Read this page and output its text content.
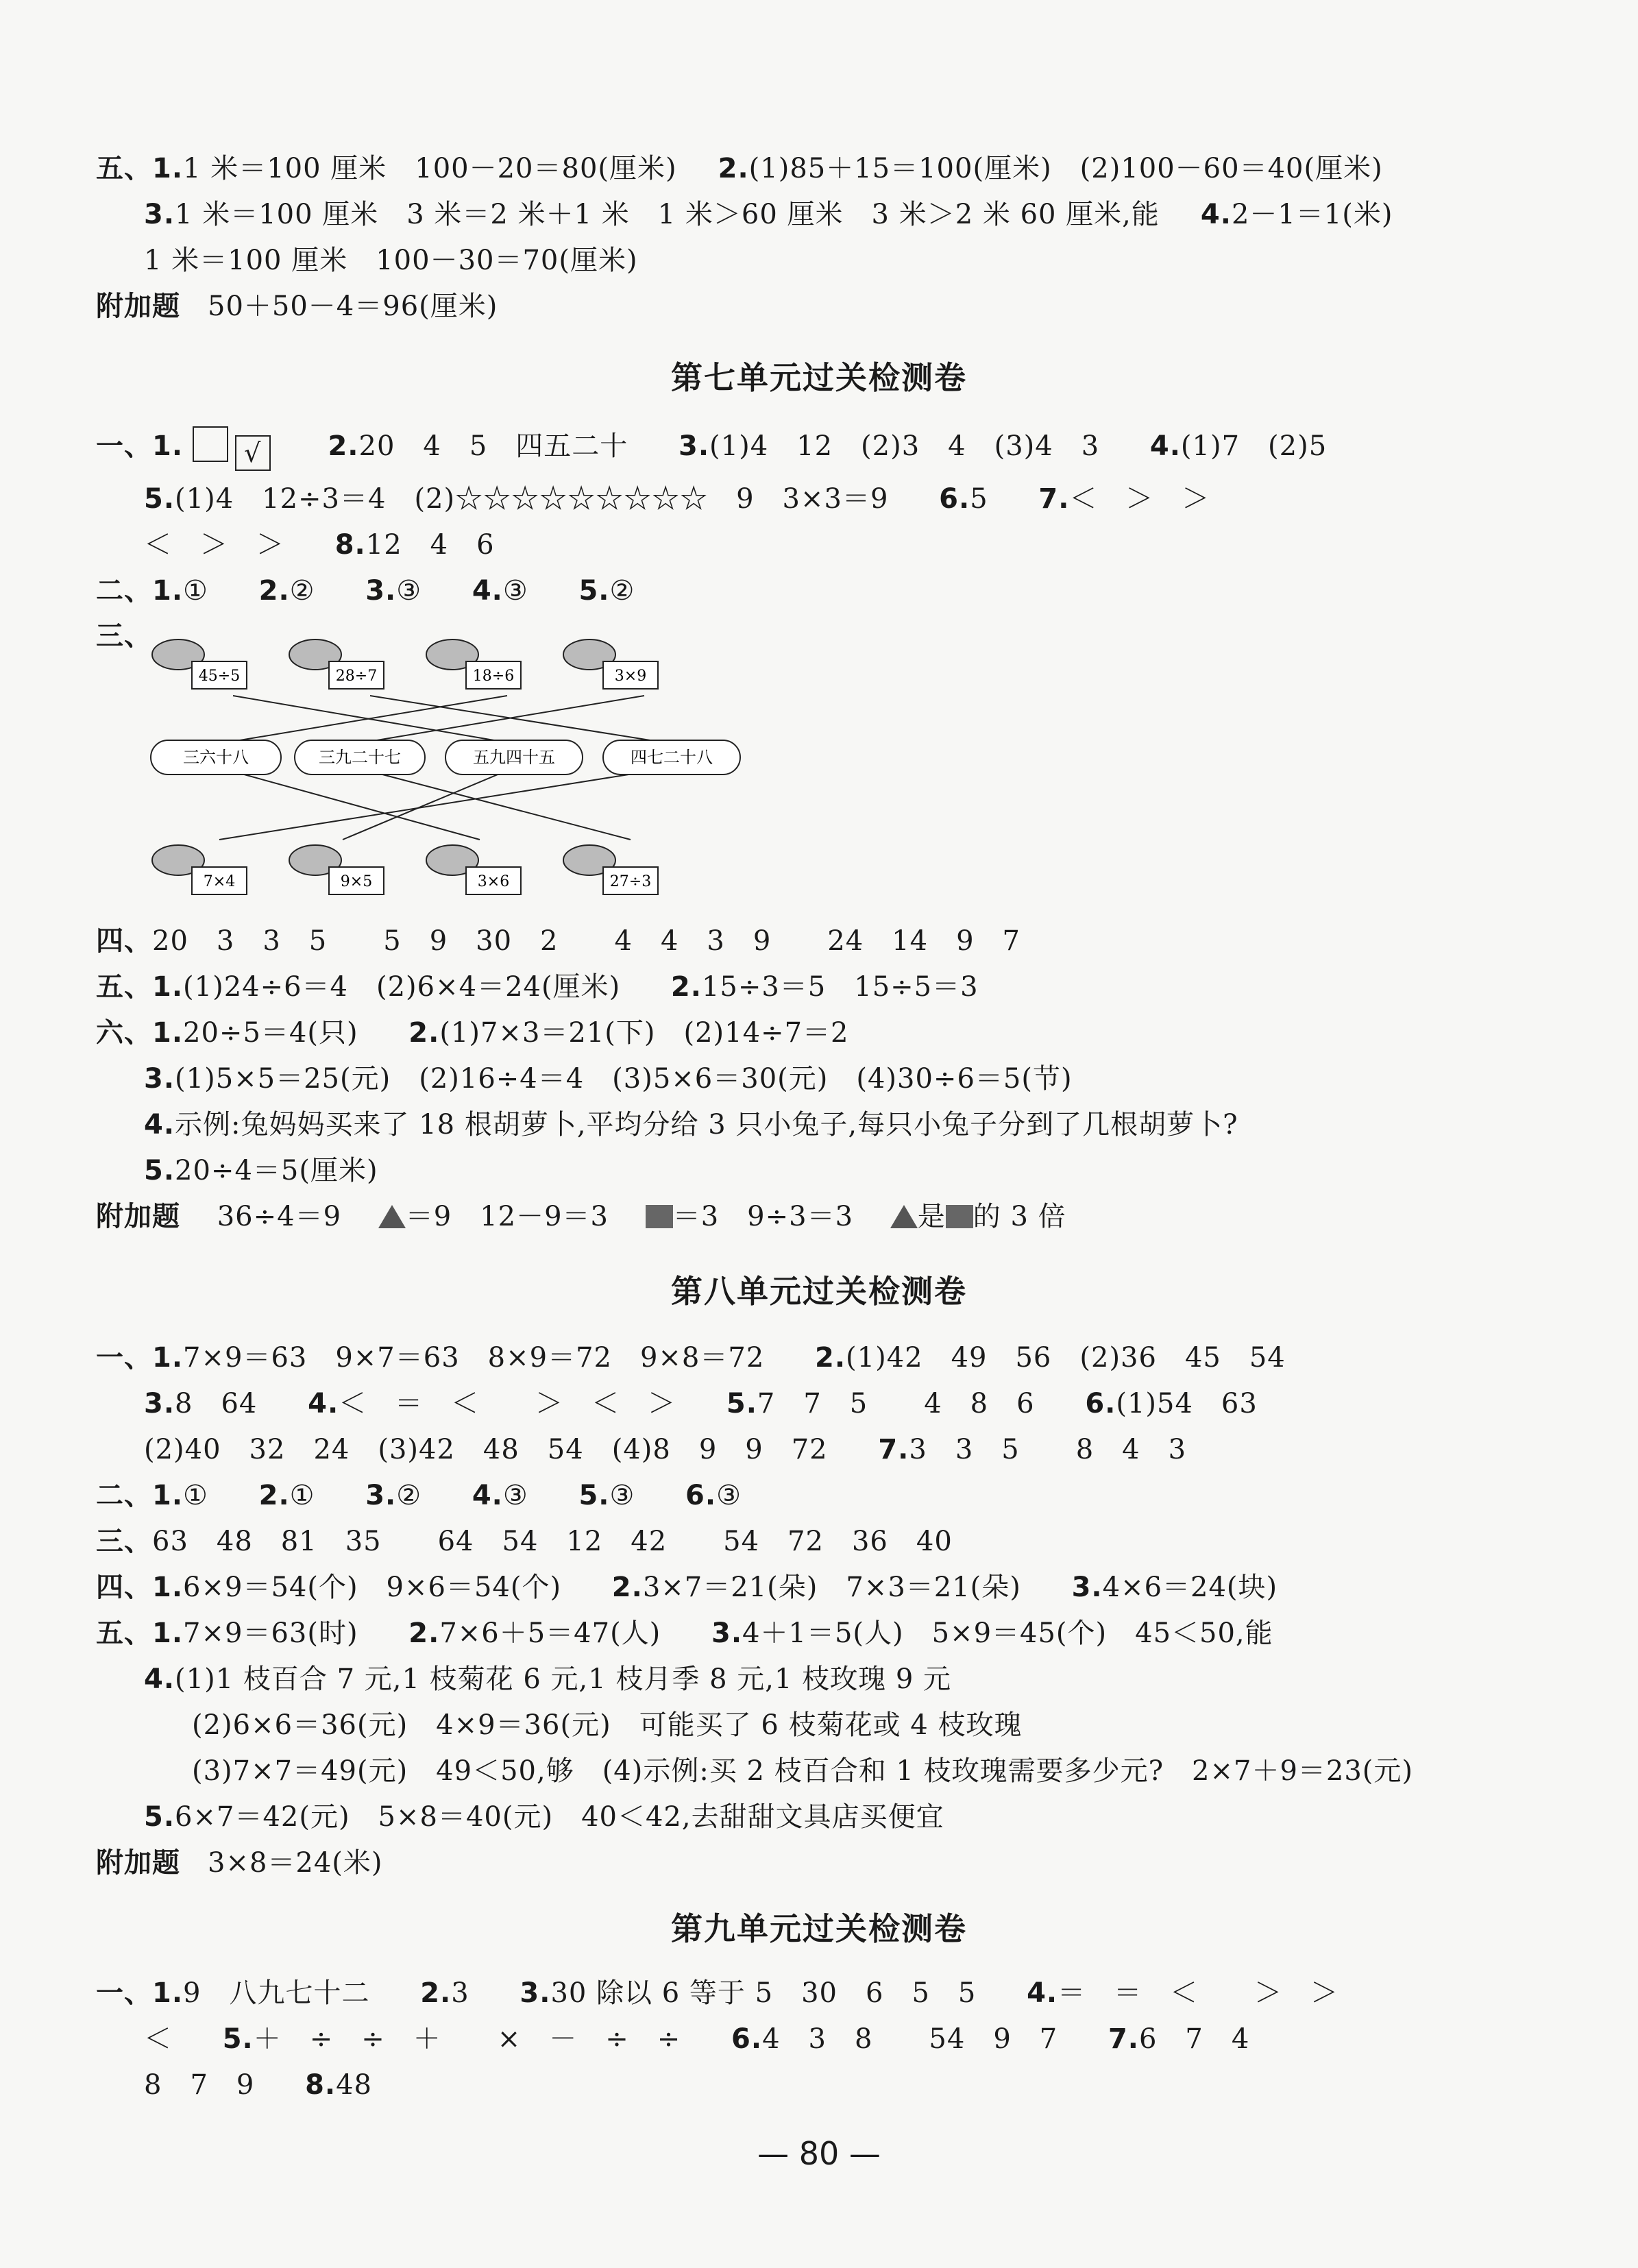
五、1.1 米＝100 厘米　100－20＝80(厘米) 2.(1)85＋15＝100(厘米)　(2)100－60＝40(厘米)
3.1 米＝100 厘米　3 米＝2 米＋1 米　1 米＞60 厘米　3 米＞2 米 60 厘米,能 4.2－1＝1(米)
1 米＝100 厘米　100－30＝70(厘米)
附加题 50＋50－4＝96(厘米)
第七单元过关检测卷
一、1. √ 2.20　4　5　四五二十 3.(1)4　12　(2)3　4　(3)4　3 4.(1)7　(2)5
5.(1)4　12÷3＝4　(2)☆☆☆☆☆☆☆☆☆　9　3×3＝9 6.5 7.＜　＞　＞
＜　＞　＞ 8.12　4　6
二、1.① 2.② 3.③ 4.③ 5.②
三、
45÷5	28÷7	18÷6	3×9
三六十八	三九二十七	五九四十五	四七二十八
7×4	9×5	3×6	27÷3
四、20　3　3　5　　5　9　30　2　　4　4　3　9　　24　14　9　7
五、1.(1)24÷6＝4　(2)6×4＝24(厘米) 2.15÷3＝5　15÷5＝3
六、1.20÷5＝4(只) 2.(1)7×3＝21(下)　(2)14÷7＝2
3.(1)5×5＝25(元)　(2)16÷4＝4　(3)5×6＝30(元)　(4)30÷6＝5(节)
4.示例:兔妈妈买来了 18 根胡萝卜,平均分给 3 只小兔子,每只小兔子分到了几根胡萝卜?
5.20÷4＝5(厘米)
附加题 36÷4＝9 ＝9　12－9＝3 ＝3　9÷3＝3 是 的 3 倍
第八单元过关检测卷
一、1.7×9＝63　9×7＝63　8×9＝72　9×8＝72 2.(1)42　49　56　(2)36　45　54
3.8　64 4.＜　＝　＜　　＞　＜　＞ 5.7　7　5　　4　8　6 6.(1)54　63
(2)40　32　24　(3)42　48　54　(4)8　9　9　72 7.3　3　5　　8　4　3
二、1.① 2.① 3.② 4.③ 5.③ 6.③
三、63　48　81　35　　64　54　12　42　　54　72　36　40
四、1.6×9＝54(个)　9×6＝54(个) 2.3×7＝21(朵)　7×3＝21(朵) 3.4×6＝24(块)
五、1.7×9＝63(时) 2.7×6＋5＝47(人) 3.4＋1＝5(人)　5×9＝45(个)　45＜50,能
4.(1)1 枝百合 7 元,1 枝菊花 6 元,1 枝月季 8 元,1 枝玫瑰 9 元
(2)6×6＝36(元)　4×9＝36(元)　可能买了 6 枝菊花或 4 枝玫瑰
(3)7×7＝49(元)　49＜50,够　(4)示例:买 2 枝百合和 1 枝玫瑰需要多少元?　2×7＋9＝23(元)
5.6×7＝42(元)　5×8＝40(元)　40＜42,去甜甜文具店买便宜
附加题 3×8＝24(米)
第九单元过关检测卷
一、1.9　八九七十二 2.3 3.30 除以 6 等于 5　30　6　5　5 4.＝　＝　＜　　＞　＞
＜ 5.＋　÷　÷　＋　　×　－　÷　÷ 6.4　3　8　　54　9　7 7.6　7　4
8　7　9 8.48
— 80 —
